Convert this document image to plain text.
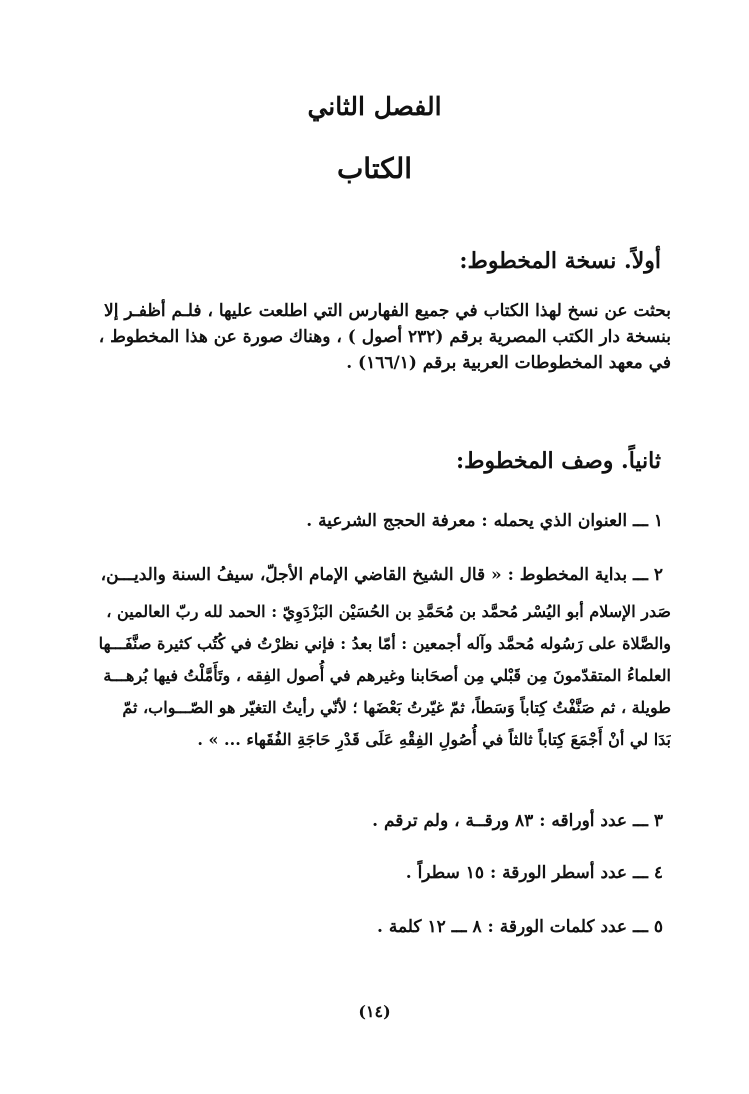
الفصل الثاني
الكتاب
أولاً. نسخة المخطوط:
بحثت عن نسخ لهذا الكتاب في جميع الفهارس التي اطلعت عليها ، فلـم أظفـر إلا
بنسخة دار الكتب المصرية برقم (٢٣٢ أصول ) ، وهناك صورة عن هذا المخطوط ،
في معهد المخطوطات العربية برقم (١٦٦/١) .
ثانياً. وصف المخطوط:

١ ـــ العنوان الذي يحمله : معرفة الحجج الشرعية .

٢ ـــ بداية المخطوط : « قال الشيخ القاضي الإمام الأجلّ، سيفُ السنة والديـــن،

صَدر الإسلام أبو اليُسْر مُحمَّد بن مُحَمَّدِ بن الحُسَيْن البَزْدَوِيّ : الحمد لله ربّ العالمين ،
والصَّلاة على رَسُوله مُحمَّد وآله أجمعين : أمّا بعدُ : فإني نظرْتُ في كُتُب كثيرة صنَّفَـــها
العلماءُ المتقدّمونَ مِن قَبْلي مِن أصحَابنا وغيرهم في أُصول الفِقه ، وتَأَمَّلْتُ فيها بُرهـــة
طويلة ، ثم صَنَّفْتُ كِتاباً وَسَطاً، ثمّ غيّرتُ بَعْضَها ؛ لأنّي رأيتُ التغيّر هو الصّـــواب، ثمّ
بَدَا لي أنْ أَجْمَعَ كِتاباً ثالثاً في أُصُولِ الفِقْهِ عَلَى قَدْرِ حَاجَةِ الفُقَهاء ... » .

٣ ـــ عدد أوراقه : ٨٣ ورقــة ، ولم ترقم .

٤ ـــ عدد أسطر الورقة : ١٥ سطراً .

٥ ـــ عدد كلمات الورقة : ٨ ـــ ١٢ كلمة .

(١٤)
